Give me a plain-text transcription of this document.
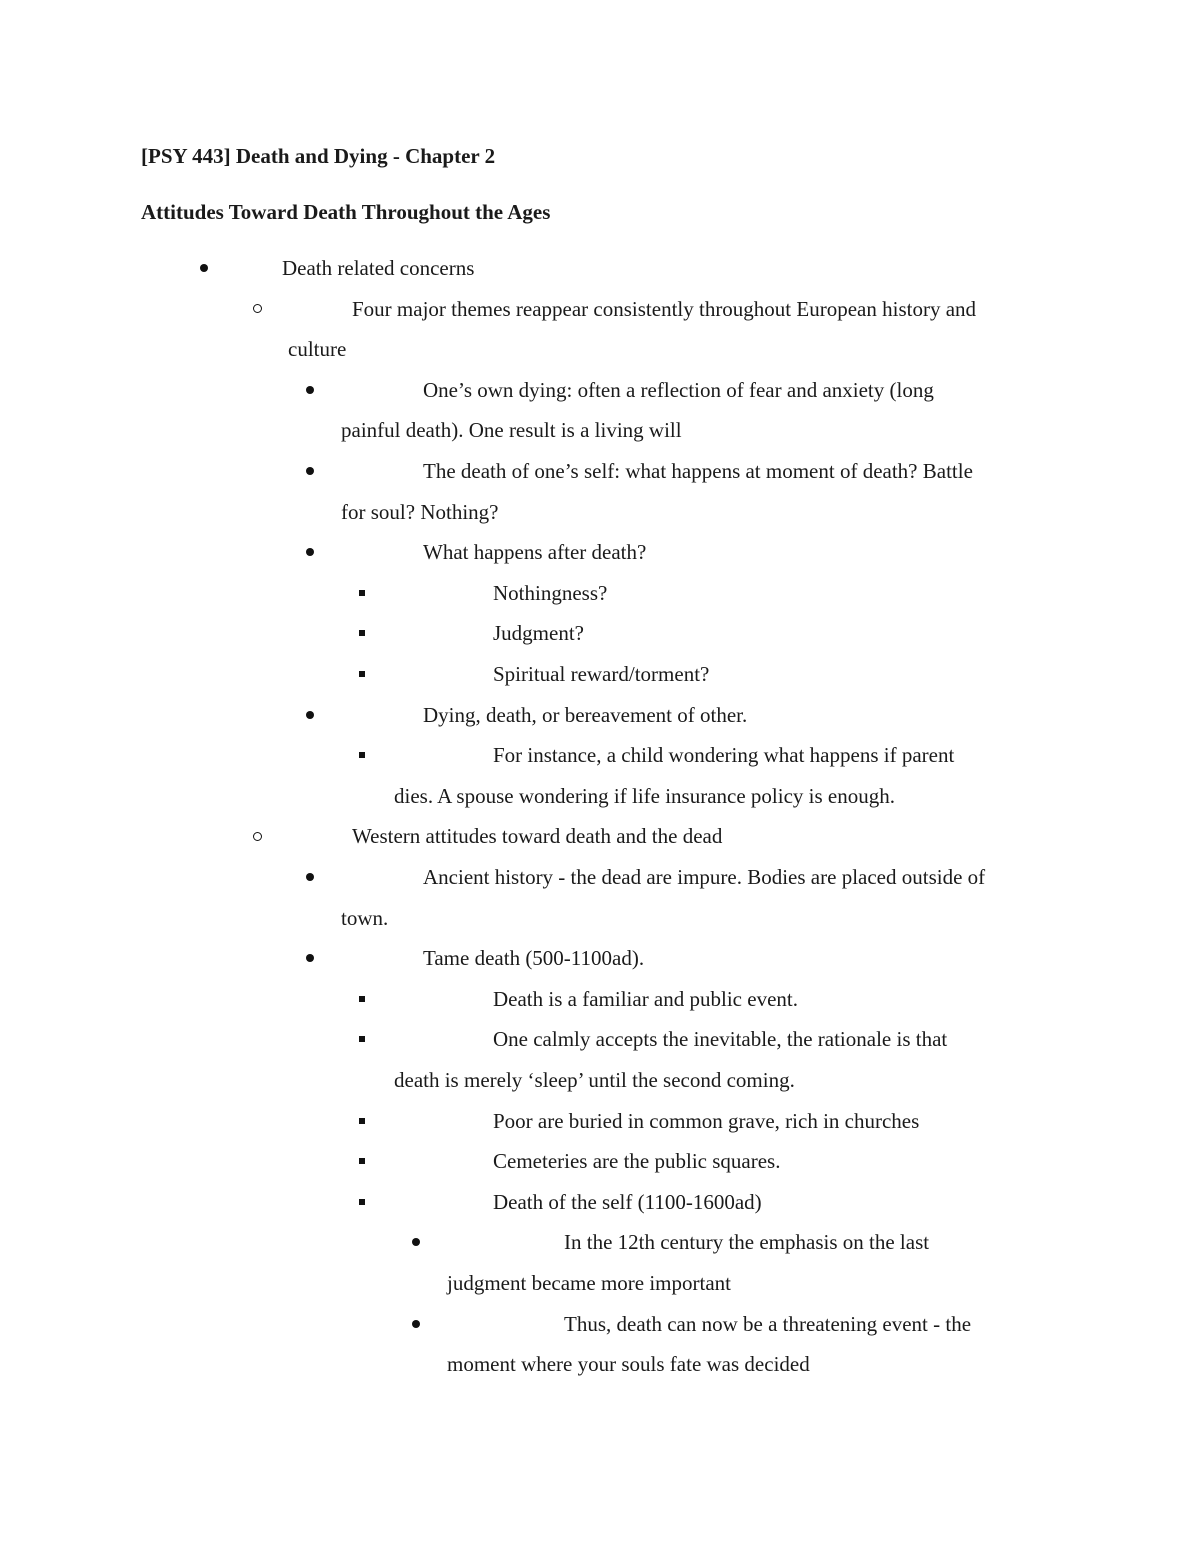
[PSY 443] Death and Dying - Chapter 2
Attitudes Toward Death Throughout the Ages
Death related concerns
Four major themes reappear consistently throughout European history and
culture
One’s own dying: often a reflection of fear and anxiety (long
painful death). One result is a living will
The death of one’s self: what happens at moment of death? Battle
for soul? Nothing?
What happens after death?
Nothingness?
Judgment?
Spiritual reward/torment?
Dying, death, or bereavement of other.
For instance, a child wondering what happens if parent
dies. A spouse wondering if life insurance policy is enough.
Western attitudes toward death and the dead
Ancient history - the dead are impure. Bodies are placed outside of
town.
Tame death (500-1100ad).
Death is a familiar and public event.
One calmly accepts the inevitable, the rationale is that
death is merely ‘sleep’ until the second coming.
Poor are buried in common grave, rich in churches
Cemeteries are the public squares.
Death of the self (1100-1600ad)
In the 12th century the emphasis on the last
judgment became more important
Thus, death can now be a threatening event - the
moment where your souls fate was decided
